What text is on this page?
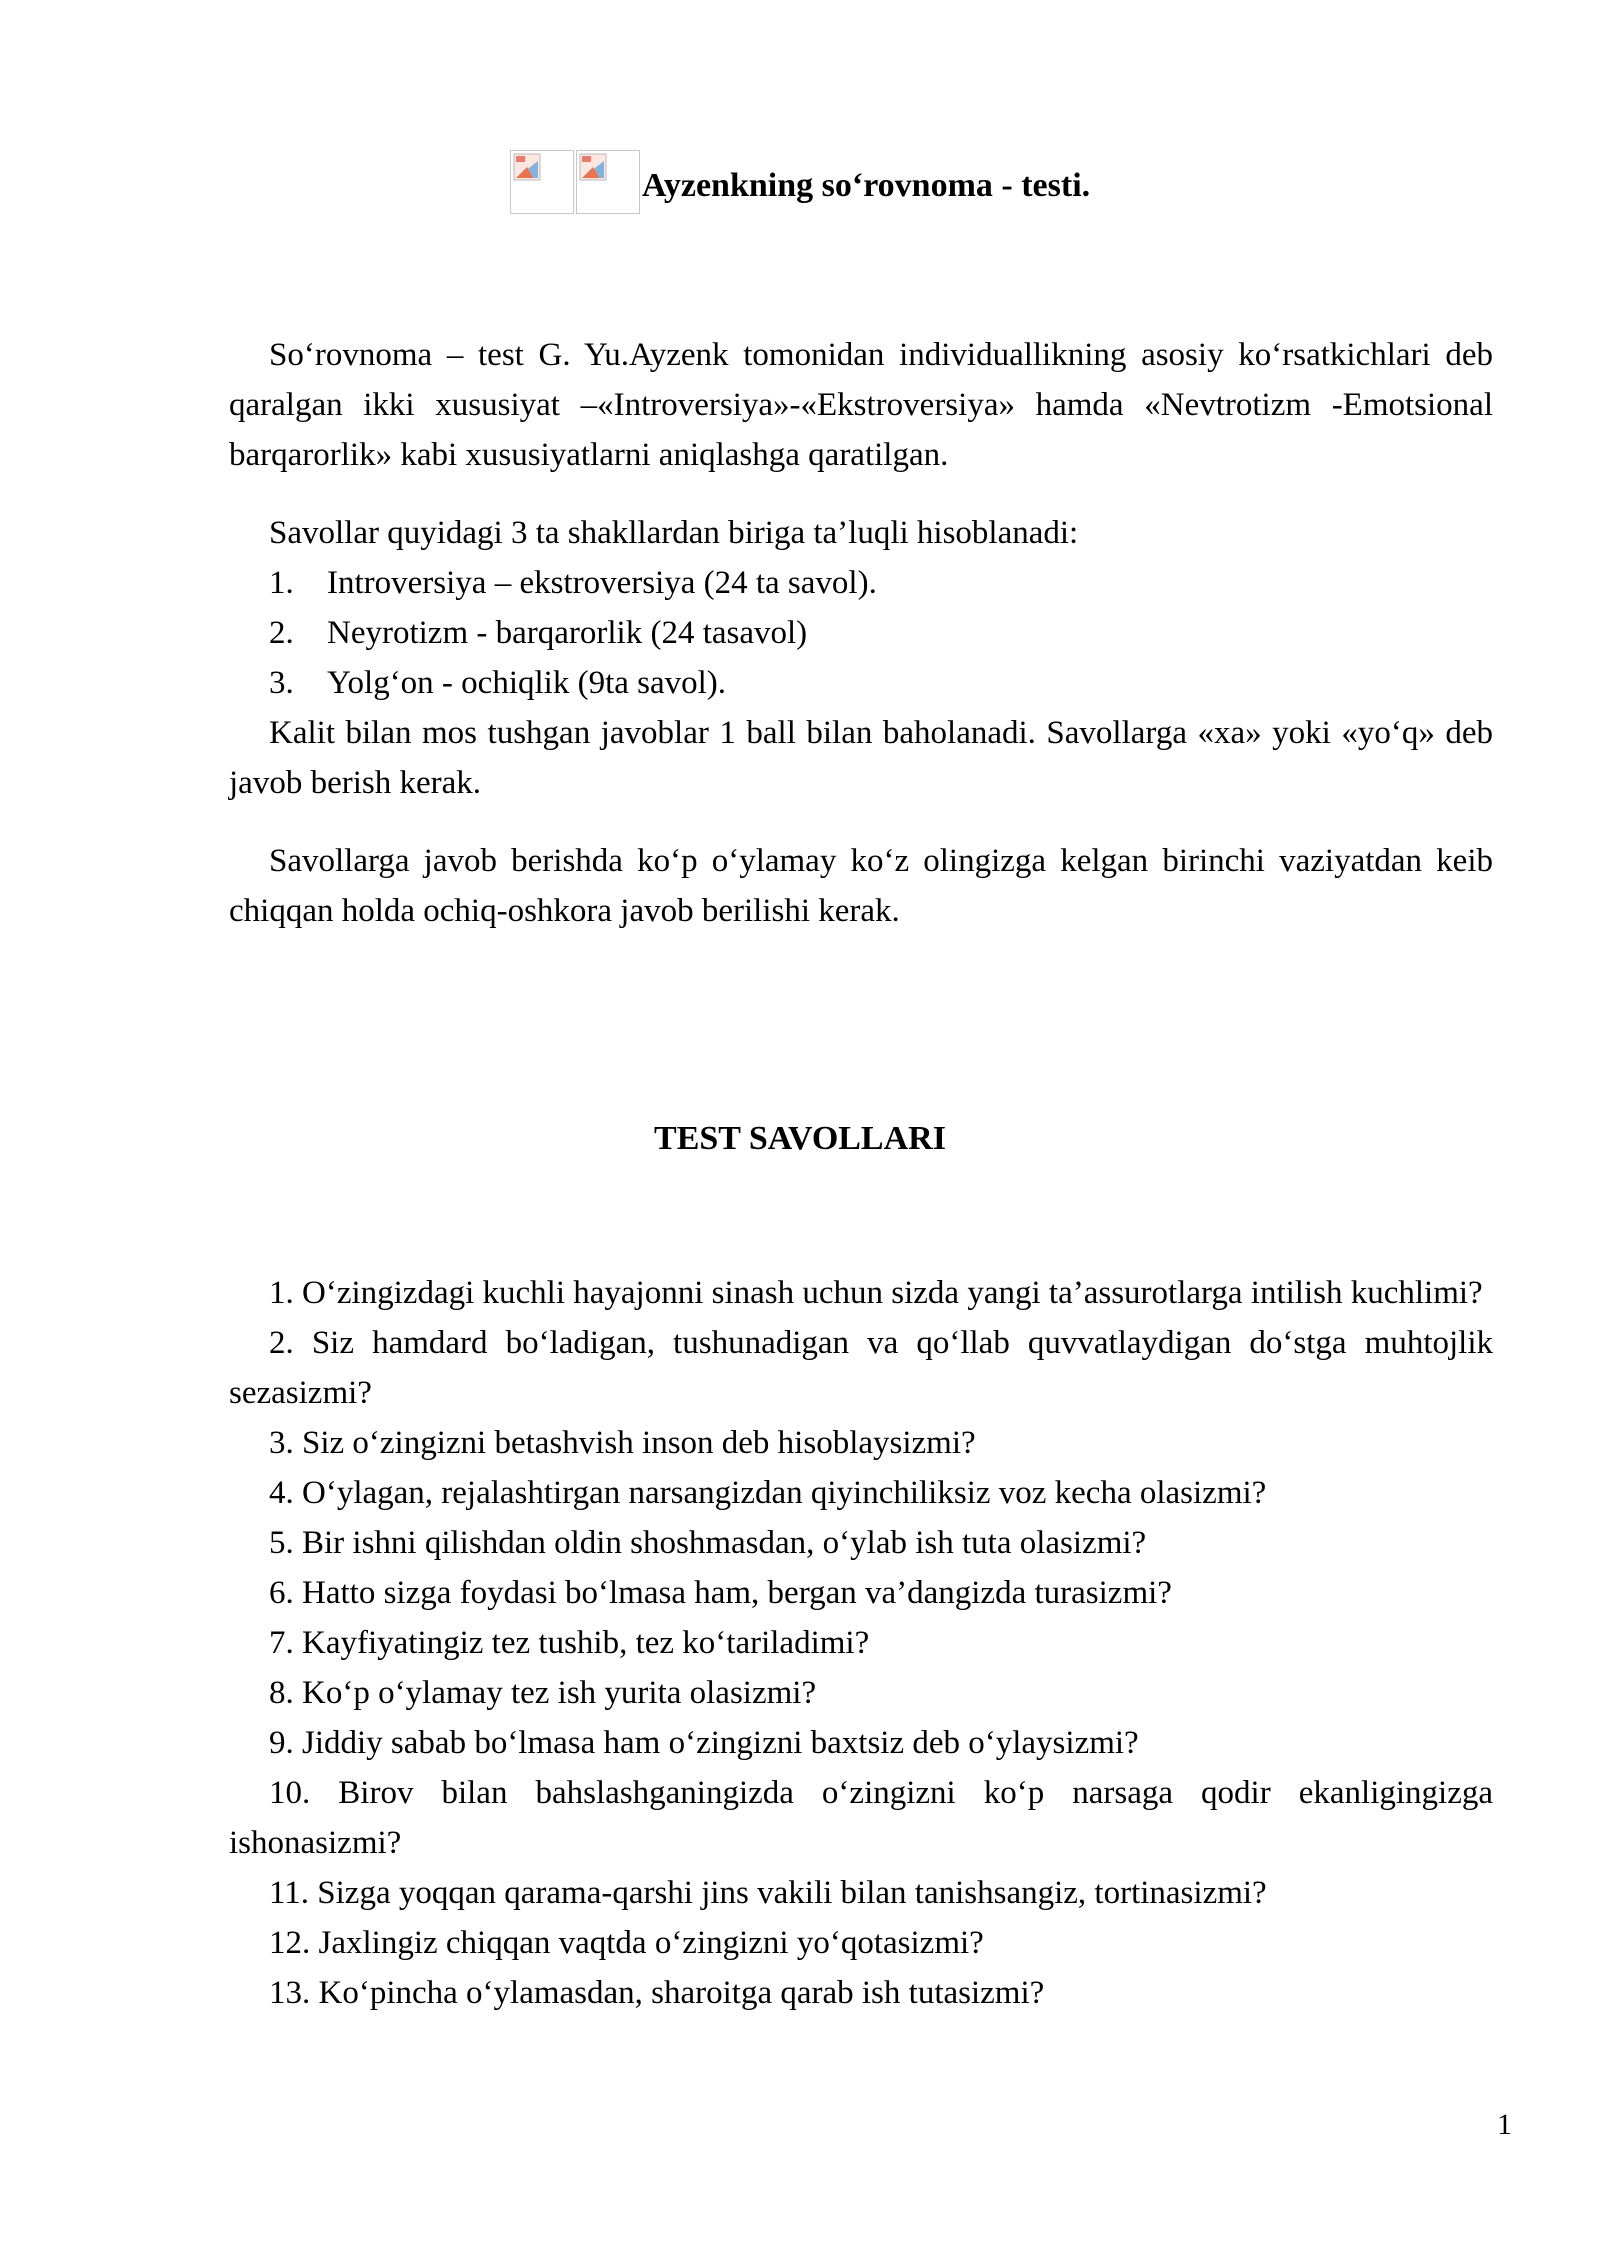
Ayzenkning so‘rovnoma - testi.

So‘rovnoma – test G. Yu.Ayzenk tomonidan individuallikning asosiy ko‘rsatkichlari deb qaralgan ikki xususiyat –«Introversiya»-«Ekstroversiya» hamda «Nevtrotizm -Emotsional barqarorlik» kabi xususiyatlarni aniqlashga qaratilgan.

Savollar quyidagi 3 ta shakllardan biriga ta’luqli hisoblanadi:

1. Introversiya – ekstroversiya (24 ta savol).
2. Neyrotizm - barqarorlik (24 tasavol)
3. Yolg‘on - ochiqlik (9ta savol).

Kalit bilan mos tushgan javoblar 1 ball bilan baholanadi. Savollarga «xa» yoki «yo‘q» deb javob berish kerak.

Savollarga javob berishda ko‘p o‘ylamay ko‘z olingizga kelgan birinchi vaziyatdan keib chiqqan holda ochiq-oshkora javob berilishi kerak.

TEST SAVOLLARI
1. O‘zingizdagi kuchli hayajonni sinash uchun sizda yangi ta’assurotlarga intilish kuchlimi?
2. Siz hamdard bo‘ladigan, tushunadigan va qo‘llab quvvatlaydigan do‘stga muhtojlik sezasizmi?
3. Siz o‘zingizni betashvish inson deb hisoblaysizmi?
4. O‘ylagan, rejalashtirgan narsangizdan qiyinchiliksiz voz kecha olasizmi?
5. Bir ishni qilishdan oldin shoshmasdan, o‘ylab ish tuta olasizmi?
6. Hatto sizga foydasi bo‘lmasa ham, bergan va’dangizda turasizmi?
7. Kayfiyatingiz tez tushib, tez ko‘tariladimi?
8. Ko‘p o‘ylamay tez ish yurita olasizmi?
9. Jiddiy sabab bo‘lmasa ham o‘zingizni baxtsiz deb o‘ylaysizmi?
10. Birov bilan bahslashganingizda o‘zingizni ko‘p narsaga qodir ekanligingizga ishonasizmi?
11. Sizga yoqqan qarama-qarshi jins vakili bilan tanishsangiz, tortinasizmi?
12. Jaxlingiz chiqqan vaqtda o‘zingizni yo‘qotasizmi?
13. Ko‘pincha o‘ylamasdan, sharoitga qarab ish tutasizmi?
1
